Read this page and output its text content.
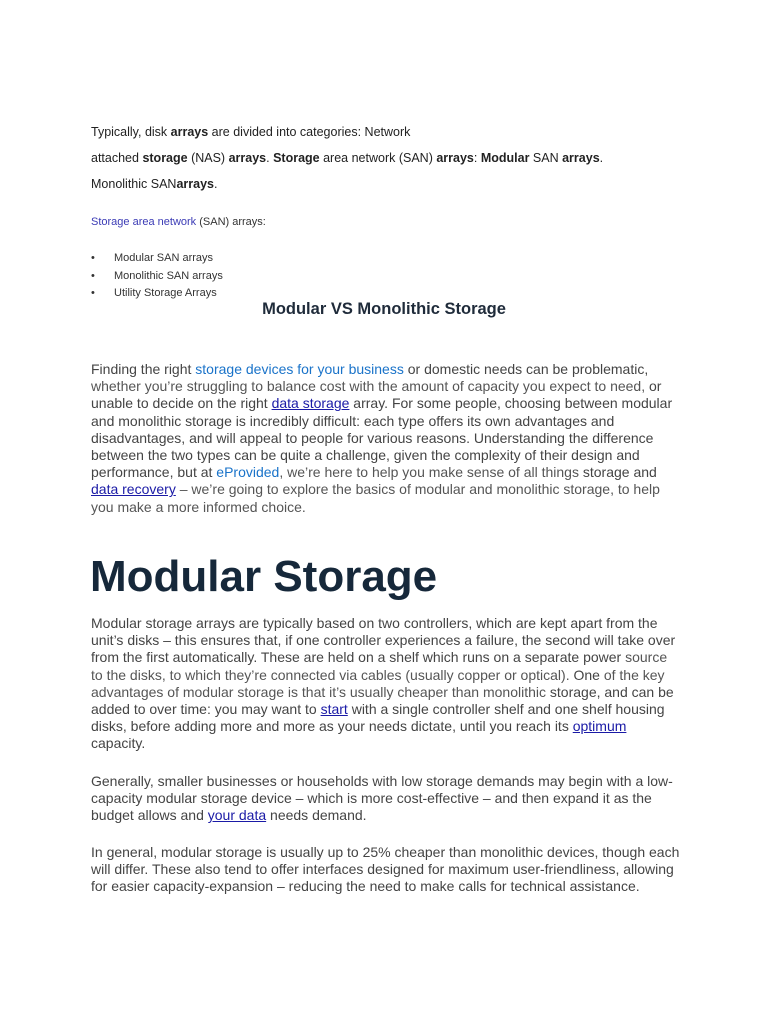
Typically, disk arrays are divided into categories: Network

attached storage (NAS) arrays. Storage area network (SAN) arrays: Modular SAN arrays.

Monolithic SANarrays.

Storage area network (SAN) arrays:
• Modular SAN arrays
• Monolithic SAN arrays
• Utility Storage Arrays
Modular VS Monolithic Storage

Finding the right storage devices for your business or domestic needs can be problematic, whether you’re struggling to balance cost with the amount of capacity you expect to need, or unable to decide on the right data storage array. For some people, choosing between modular and monolithic storage is incredibly difficult: each type offers its own advantages and disadvantages, and will appeal to people for various reasons. Understanding the difference between the two types can be quite a challenge, given the complexity of their design and performance, but at eProvided, we’re here to help you make sense of all things storage and data recovery – we’re going to explore the basics of modular and monolithic storage, to help you make a more informed choice.

Modular Storage

Modular storage arrays are typically based on two controllers, which are kept apart from the unit’s disks – this ensures that, if one controller experiences a failure, the second will take over from the first automatically. These are held on a shelf which runs on a separate power source to the disks, to which they’re connected via cables (usually copper or optical). One of the key advantages of modular storage is that it’s usually cheaper than monolithic storage, and can be added to over time: you may want to start with a single controller shelf and one shelf housing disks, before adding more and more as your needs dictate, until you reach its optimum capacity.

Generally, smaller businesses or households with low storage demands may begin with a low-capacity modular storage device – which is more cost-effective – and then expand it as the budget allows and your data needs demand.

In general, modular storage is usually up to 25% cheaper than monolithic devices, though each will differ. These also tend to offer interfaces designed for maximum user-friendliness, allowing for easier capacity-expansion – reducing the need to make calls for technical assistance.
